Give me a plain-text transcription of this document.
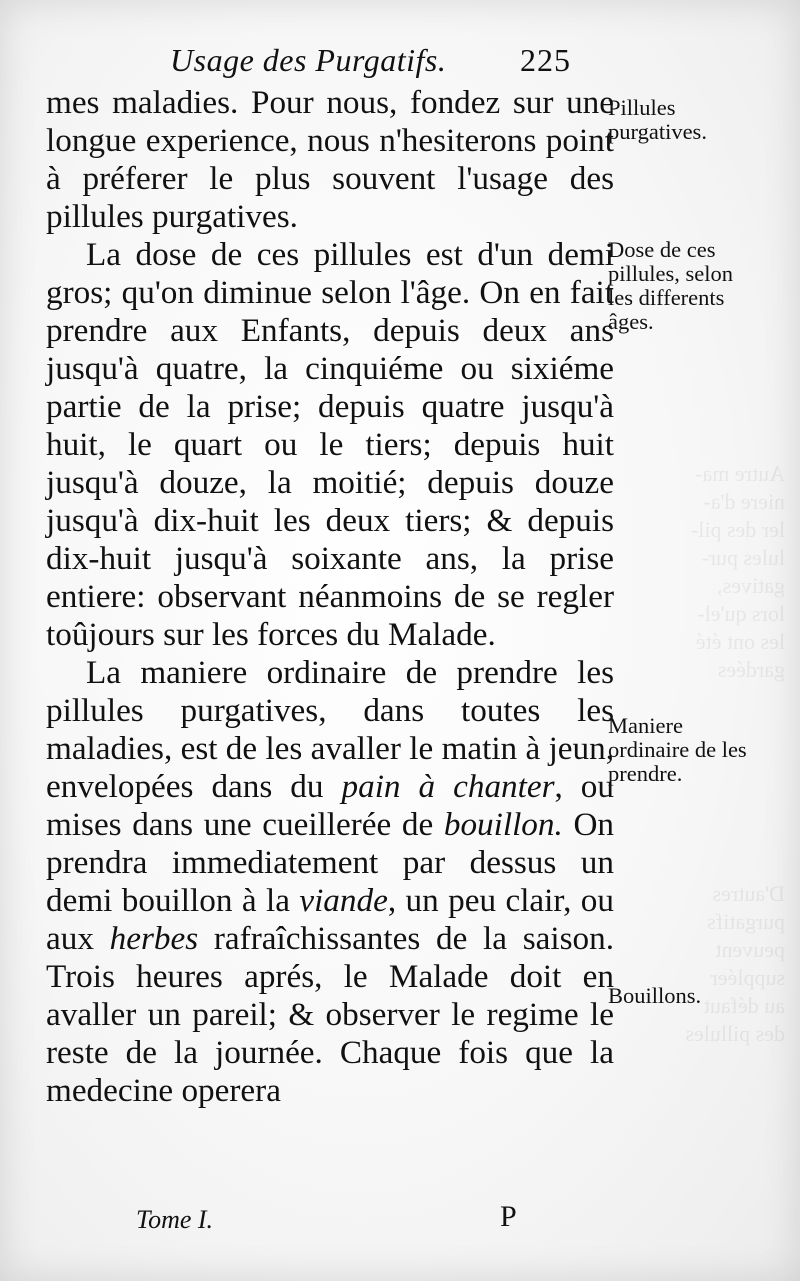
Autre ma-
niere d'a-
ler des pil-
lules pur-
gatives,
lors qu'el-
les ont été
gardées
D'autres
purgatifs
peuvent
suppléer
au défaut
des pillules
Usage des Purgatifs. 225

mes maladies. Pour nous, fondez sur une longue experience, nous n'hesiterons point à préferer le plus souvent l'usage des pillules purgatives.

La dose de ces pillules est d'un demi gros; qu'on diminue selon l'âge. On en fait prendre aux Enfants, depuis deux ans jusqu'à quatre, la cinquiéme ou sixiéme partie de la prise; depuis quatre jusqu'à huit, le quart ou le tiers; depuis huit jusqu'à douze, la moitié; depuis douze jusqu'à dix-huit les deux tiers; & depuis dix-huit jusqu'à soixante ans, la prise entiere: observant néanmoins de se regler toûjours sur les forces du Malade.

La maniere ordinaire de prendre les pillules purgatives, dans toutes les maladies, est de les avaller le matin à jeun, envelopées dans du pain à chanter, ou mises dans une cueillerée de bouillon. On prendra immediatement par dessus un demi bouillon à la viande, un peu clair, ou aux herbes rafraîchissantes de la saison. Trois heures aprés, le Malade doit en avaller un pareil; & observer le regime le reste de la journée. Chaque fois que la medecine operera

Pillules purgatives.
Dose de ces pillules, selon les differents âges.
Maniere ordinaire de les prendre.
Bouillons.
Tome I.	P
